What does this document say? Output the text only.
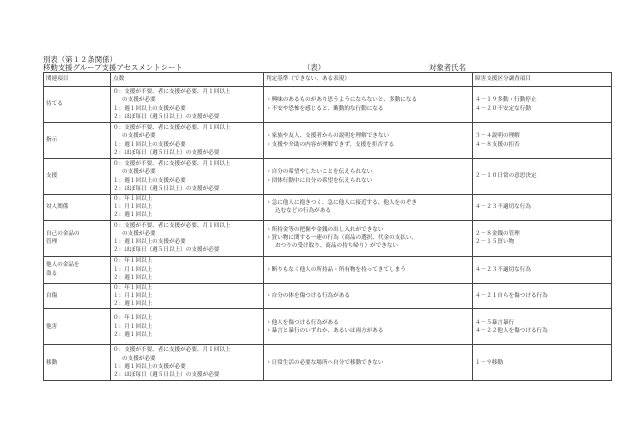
別表（第１２条関係）
移動支援グループ支援アセスメントシート	（表）	対象者氏名
関連項目	点数	判定基準（できない、ある表現）	障害支援区分調査項目
待てる	０：支援が不要、者に支援が必要、月１回以上
の支援が必要
１：週１回以上の支援が必要
２：ほぼ毎日（週５日以上）の支援が必要	・興味のあるものがあり思うようにならないと、多動になる
・不安や恐怖を感じると、衝動的な行動になる	４－１９多動・行動停止
４－２０不安定な行動

指示	０：支援が不要、者に支援が必要、月１回以上
の支援が必要
１：週１回以上の支援が必要
２：ほぼ毎日（週５日以上）の支援が必要	・家族や友人、支援者からの説明を理解できない
・支援や介助の内容が理解できず、支援を拒否する	３－４説明の理解
４－８支援の拒否

支援	０：支援が不要、者に支援が必要、月１回以上
の支援が必要
１：週１回以上の支援が必要
２：ほぼ毎日（週５日以上）の支援が必要	・自分の希望やしたいことを伝えられない
・団体行動中に自分の希望を伝えられない	２－１０日常の意思決定

対人関係	０：年１回以上
１：月１回以上
２：週１回以上	・急に他人に抱きつく、急に他人に接近する、他人をのぞき
込むなどの行為がある	４－２３不適切な行為

自己の金品の
管理	０：支援が不要、者に支援が必要、月１回以上
の支援が必要
１：週１回以上の支援が必要
２：ほぼ毎日（週５日以上）の支援が必要	・所持金等の把握や金銭の出し入れができない
・買い物に関する一連の行為（商品の選択、代金の支払い、
おつりの受け取り、商品の持ち帰り）ができない	２－８金銭の管理
２－１５買い物

他人の金品を
盗る	０：年１回以上
１：月１回以上
２：週１回以上	・断りもなく他人の所持品・所有物を持ってきてしまう	４－２３不適切な行為

自傷	０：年１回以上
１：月１回以上
２：週１回以上	・自分の体を傷つける行為がある	４－２１自らを傷つける行為

他害	０：年１回以上
１：月１回以上
２：週１回以上	・他人を傷つける行為がある
・暴言と暴行のいずれか、あるいは両方がある	４－５暴言暴行
４－２２他人を傷つける行為

移動	０：支援が不要、者に支援が必要、月１回以上
の支援が必要
１：週１回以上の支援が必要
２：ほぼ毎日（週５日以上）の支援が必要	・日常生活の必要な場所へ自分で移動できない	１－９移動
